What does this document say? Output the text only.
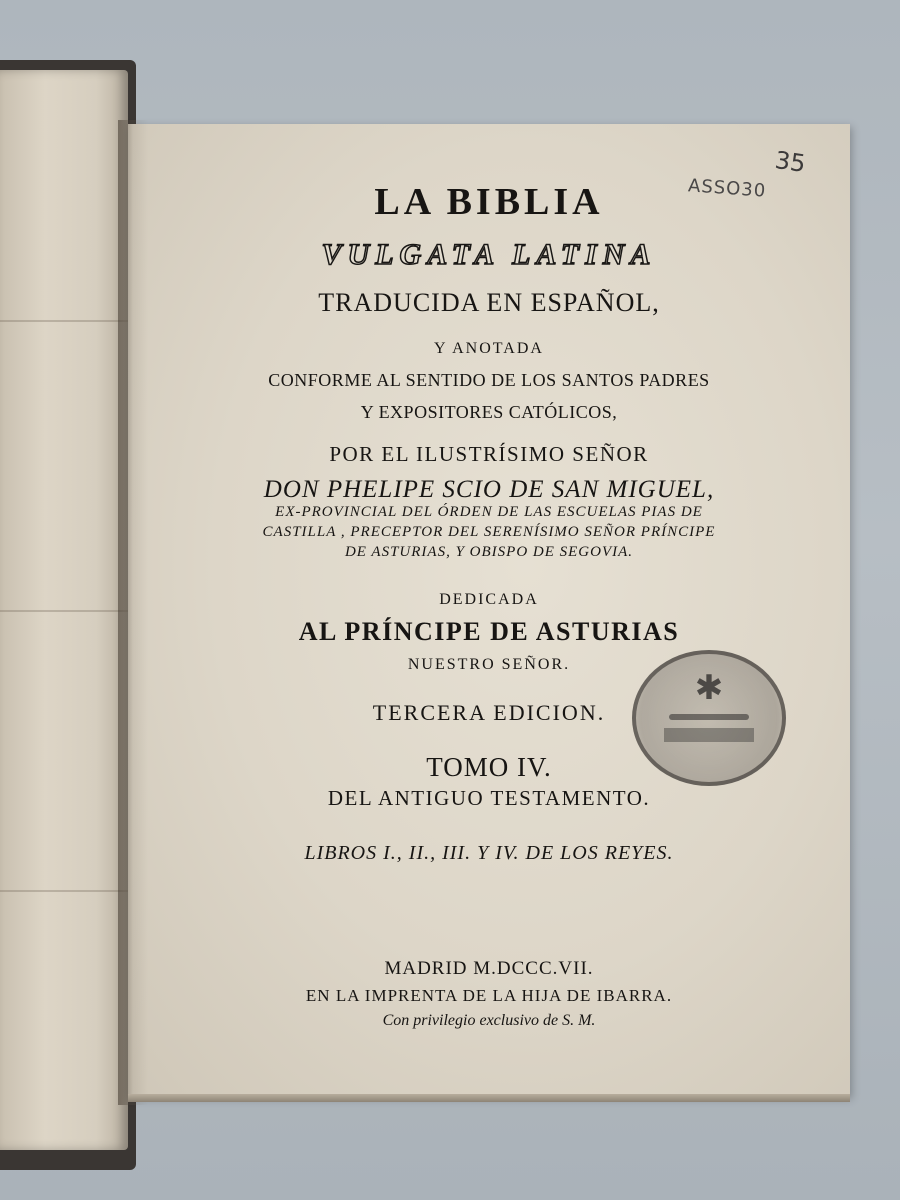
35
ASSO30

LA BIBLIA

VULGATA LATINA

TRADUCIDA EN ESPAÑOL,

Y ANOTADA

CONFORME AL SENTIDO DE LOS SANTOS PADRES

Y EXPOSITORES CATÓLICOS,

POR EL ILUSTRÍSIMO SEÑOR

DON PHELIPE SCIO DE SAN MIGUEL,

EX-PROVINCIAL DEL ÓRDEN DE LAS ESCUELAS PIAS DE

CASTILLA , PRECEPTOR DEL SERENÍSIMO SEÑOR PRÍNCIPE

DE ASTURIAS, Y OBISPO DE SEGOVIA.

DEDICADA

AL PRÍNCIPE DE ASTURIAS

NUESTRO SEÑOR.

TERCERA EDICION.

TOMO IV.

DEL ANTIGUO TESTAMENTO.

LIBROS I., II., III. Y IV. DE LOS REYES.

MADRID M.DCCC.VII.

EN LA IMPRENTA DE LA HIJA DE IBARRA.

Con privilegio exclusivo de S. M.

✱
